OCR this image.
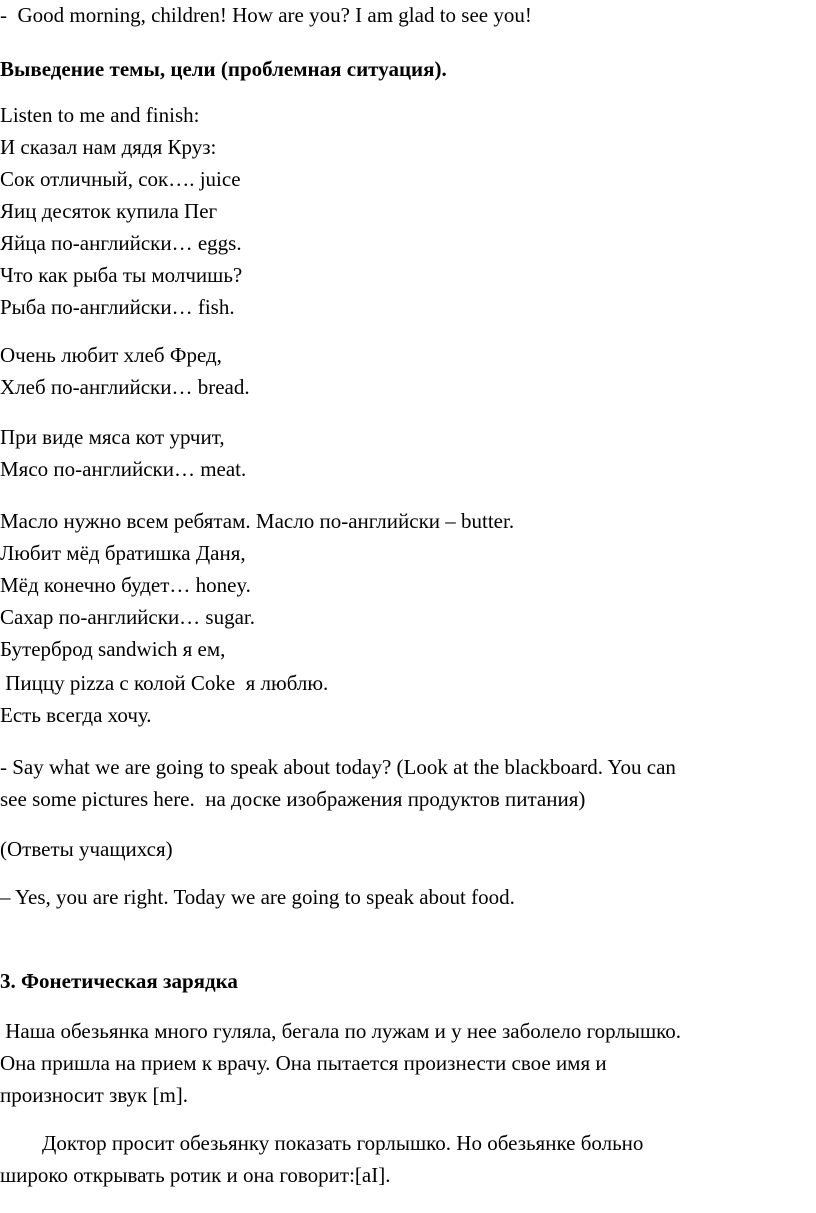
-  Good morning, children! How are you? I am glad to see you!
Выведение темы, цели (проблемная ситуация).
Listen to me and finish:
И сказал нам дядя Круз:
Сок отличный, сок…. juice
Яиц десяток купила Пег
Яйца по-английски… eggs.
Что как рыба ты молчишь?
Рыба по-английски… fish.
Очень любит хлеб Фред,
Хлеб по-английски… bread.
При виде мяса кот урчит,
Мясо по-английски… meat.
Масло нужно всем ребятам. Масло по-английски – butter.
Любит мёд братишка Даня,
Мёд конечно будет… honey.
Сахар по-английски… sugar.
Бутерброд sandwich я ем,
Пиццу pizza с колой Coke  я люблю.
Есть всегда хочу.
- Say what we are going to speak about today? (Look at the blackboard. You can
see some pictures here.  на доске изображения продуктов питания)
(Ответы учащихся)
– Yes, you are right. Today we are going to speak about food.
3. Фонетическая зарядка
Наша обезьянка много гуляла, бегала по лужам и у нее заболело горлышко.
Она пришла на прием к врачу. Она пытается произнести свое имя и
произносит звук [m].
Доктор просит обезьянку показать горлышко. Но обезьянке больно
широко открывать ротик и она говорит:[aI].
